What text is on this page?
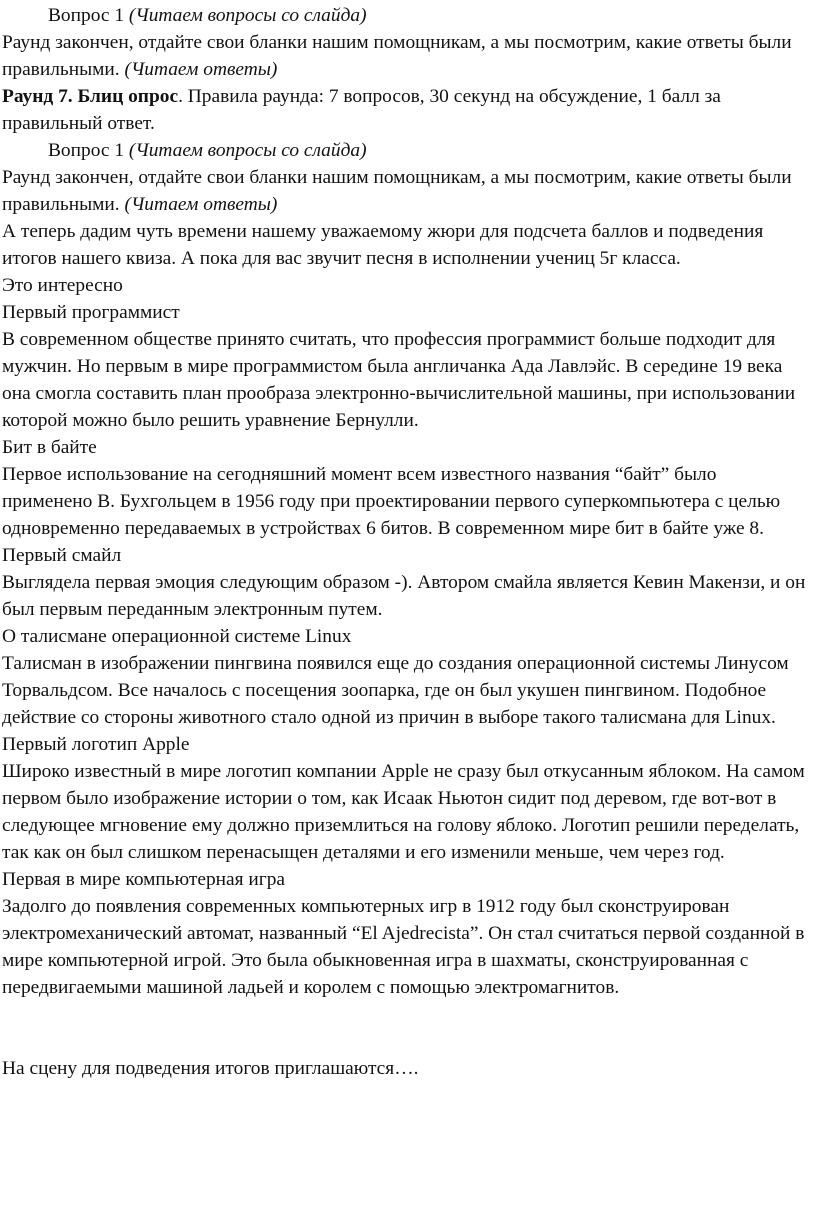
Вопрос 1 (Читаем вопросы со слайда)

Раунд закончен, отдайте свои бланки нашим помощникам, а мы посмотрим, какие ответы были правильными. (Читаем ответы)

Раунд 7. Блиц опрос. Правила раунда: 7 вопросов, 30 секунд на обсуждение, 1 балл за правильный ответ.

Вопрос 1 (Читаем вопросы со слайда)

Раунд закончен, отдайте свои бланки нашим помощникам, а мы посмотрим, какие ответы были правильными. (Читаем ответы)

А теперь дадим чуть времени нашему уважаемому жюри для подсчета баллов и подведения итогов нашего квиза. А пока для вас звучит песня в исполнении учениц 5г класса.

Это интересно

Первый программист

В современном обществе принято считать, что профессия программист больше подходит для мужчин. Но первым в мире программистом была англичанка Ада Лавлэйс. В середине 19 века она смогла составить план прообраза электронно-вычислительной машины, при использовании которой можно было решить уравнение Бернулли.

Бит в байте

Первое использование на сегодняшний момент всем известного названия “байт” было применено В. Бухгольцем в 1956 году при проектировании первого суперкомпьютера с целью одновременно передаваемых в устройствах 6 битов. В современном мире бит в байте уже 8.

Первый смайл

Выглядела первая эмоция следующим образом -). Автором смайла является Кевин Макензи, и он был первым переданным электронным путем.

О талисмане операционной системе Linux

Талисман в изображении пингвина появился еще до создания операционной системы Линусом Торвальдсом. Все началось с посещения зоопарка, где он был укушен пингвином. Подобное действие со стороны животного стало одной из причин в выборе такого талисмана для Linux.

Первый логотип Apple

Широко известный в мире логотип компании Apple не сразу был откусанным яблоком. На самом первом было изображение истории о том, как Исаак Ньютон сидит под деревом, где вот-вот в следующее мгновение ему должно приземлиться на голову яблоко. Логотип решили переделать, так как он был слишком перенасыщен деталями и его изменили меньше, чем через год.

Первая в мире компьютерная игра

Задолго до появления современных компьютерных игр в 1912 году был сконструирован электромеханический автомат, названный “El Ajedrecista”. Он стал считаться первой созданной в мире компьютерной игрой. Это была обыкновенная игра в шахматы, сконструированная с передвигаемыми машиной ладьей и королем с помощью электромагнитов.

На сцену для подведения итогов приглашаются….
